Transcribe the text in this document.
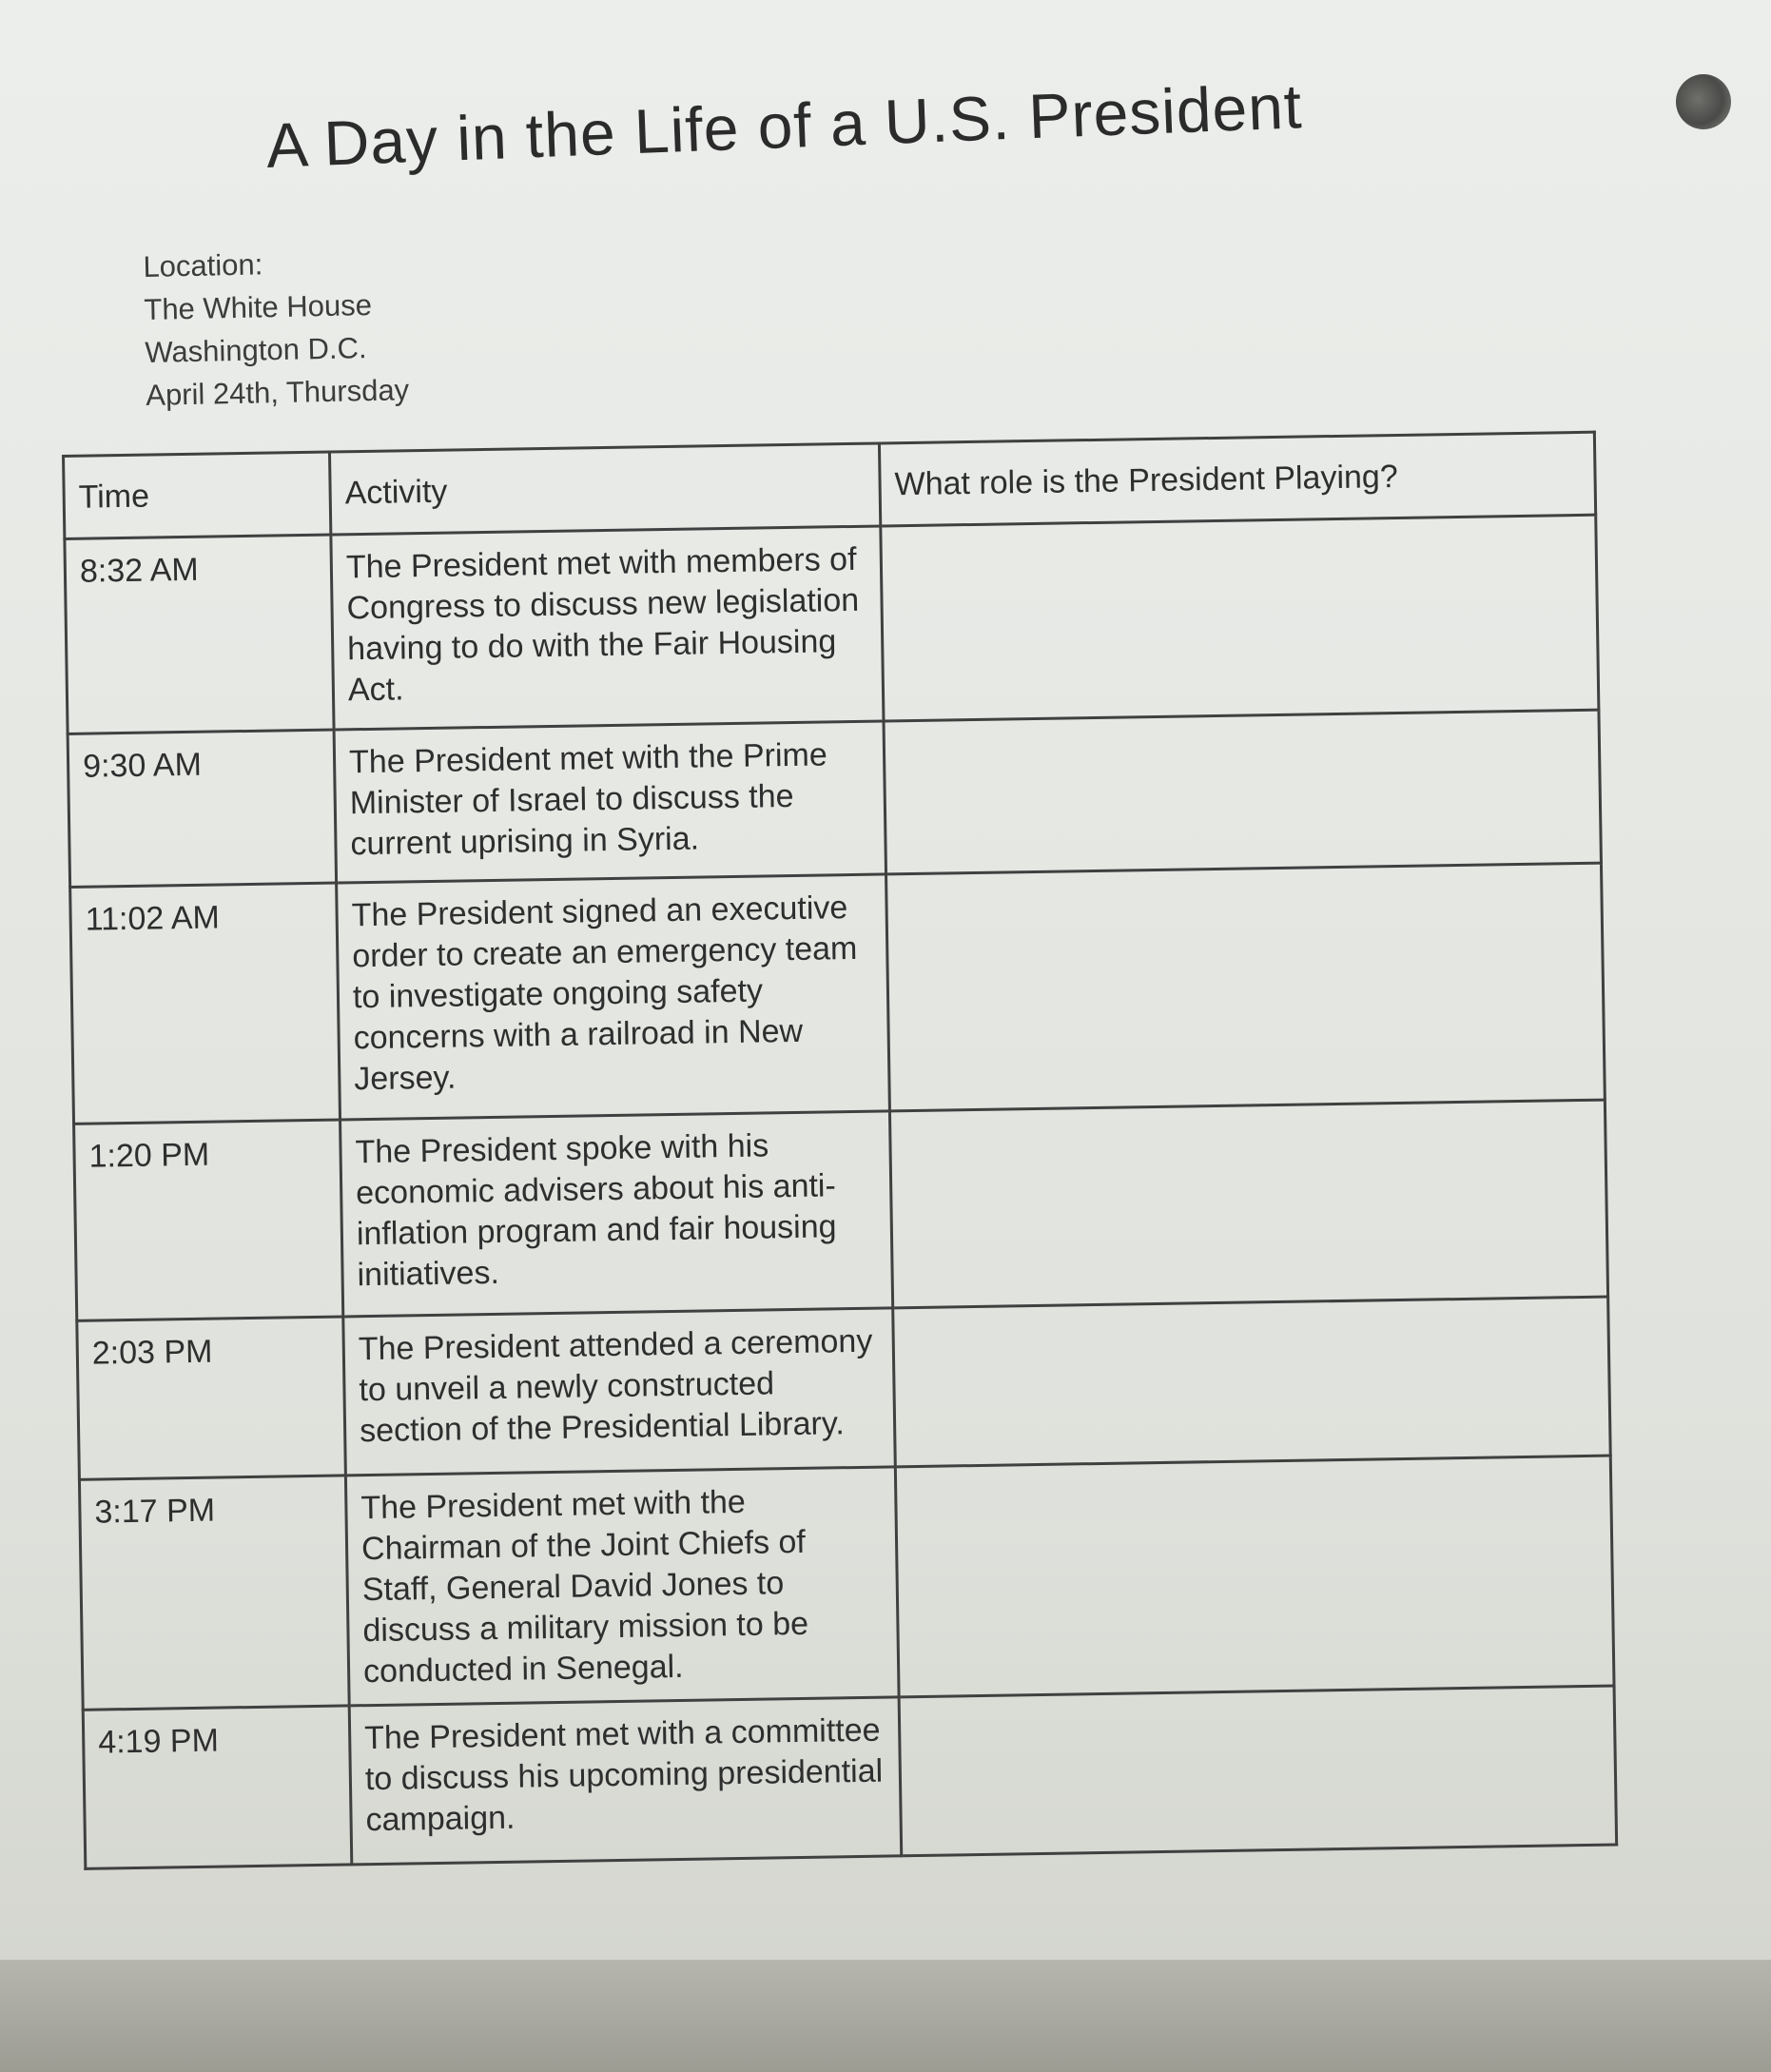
A Day in the Life of a U.S. President
Location:
The White House
Washington D.C.
April 24th, Thursday
Time	Activity	What role is the President Playing?
8:32 AM	The President met with members of Congress to discuss new legislation having to do with the Fair Housing Act.	
9:30 AM	The President met with the Prime Minister of Israel to discuss the current uprising in Syria.	
11:02 AM	The President signed an executive order to create an emergency team to investigate ongoing safety concerns with a railroad in New Jersey.	
1:20 PM	The President spoke with his economic advisers about his anti-inflation program and fair housing initiatives.	
2:03 PM	The President attended a ceremony to unveil a newly constructed section of the Presidential Library.	
3:17 PM	The President met with the Chairman of the Joint Chiefs of Staff, General David Jones to discuss a military mission to be conducted in Senegal.	
4:19 PM	The President met with a committee to discuss his upcoming presidential campaign.	
